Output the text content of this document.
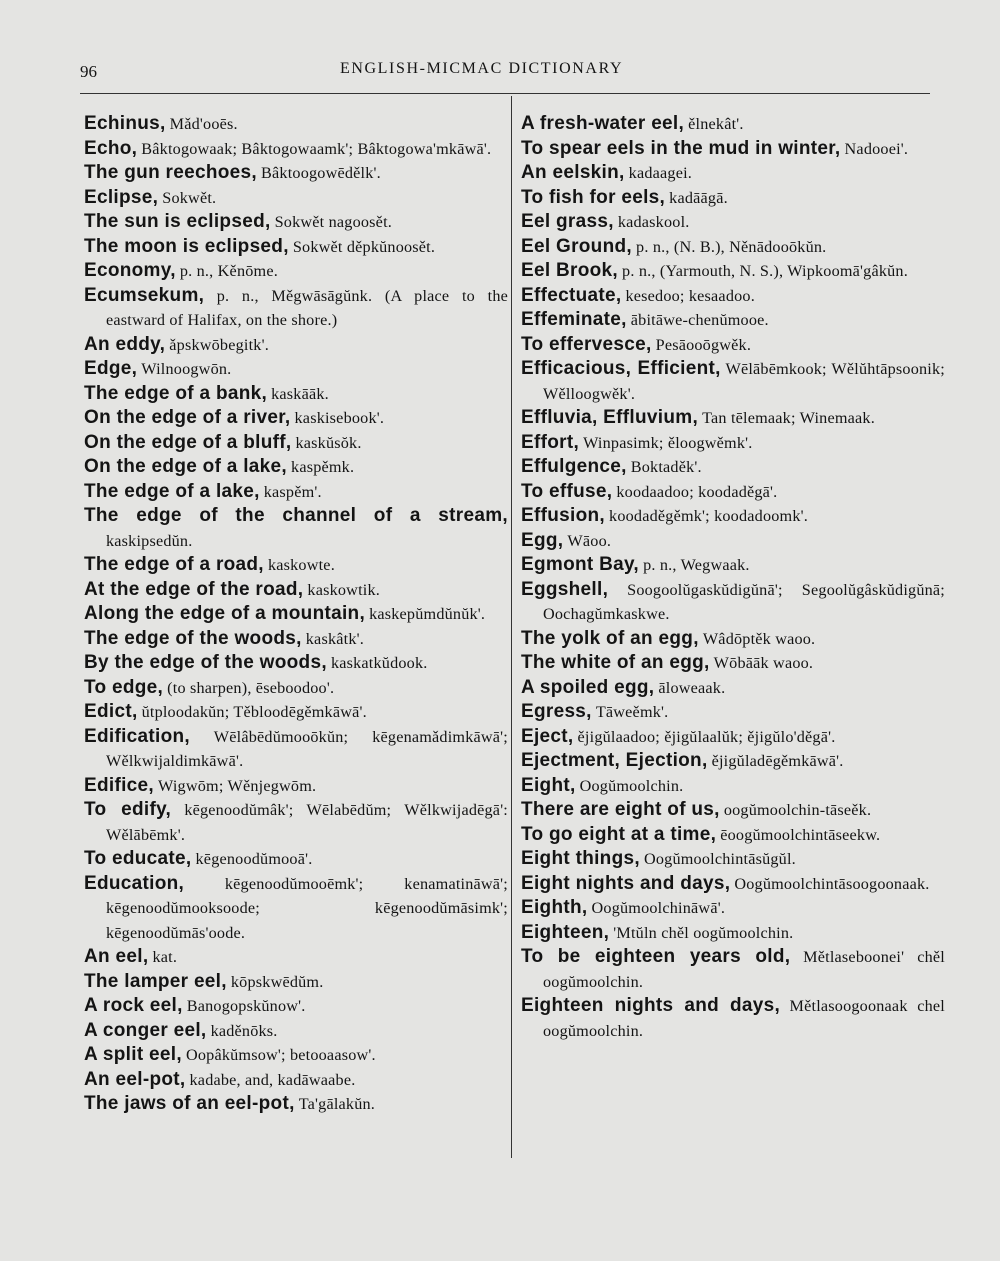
96	ENGLISH-MICMAC DICTIONARY
Echinus, Mǎd'ooēs.
Echo, Bâktogowaak; Bâktogowaamk'; Bâktogowa'mkāwā'.
The gun reechoes, Bâktoogowēdělk'.
Eclipse, Sokwět.
The sun is eclipsed, Sokwět nagoosět.
The moon is eclipsed, Sokwět děpkŭnoosět.
Economy, p. n., Kěnōme.
Ecumsekum, p. n., Měgwāsāgŭnk. (A place to the eastward of Halifax, on the shore.)
An eddy, ǎpskwōbegitk'.
Edge, Wilnoogwōn.
The edge of a bank, kaskāāk.
On the edge of a river, kaskisebook'.
On the edge of a bluff, kaskŭsŏk.
On the edge of a lake, kaspěmk.
The edge of a lake, kaspěm'.
The edge of the channel of a stream, kaskipsedŭn.
The edge of a road, kaskowte.
At the edge of the road, kaskowtik.
Along the edge of a mountain, kaskepŭmdŭnŭk'.
The edge of the woods, kaskâtk'.
By the edge of the woods, kaskatkŭdook.
To edge, (to sharpen), ēseboodoo'.
Edict, ŭtploodakŭn; Těbloodēgěmkāwā'.
Edification, Wēlâbēdŭmooōkŭn; kēgenamǎdimkāwā'; Wělkwijaldimkāwā'.
Edifice, Wigwōm; Wěnjegwōm.
To edify, kēgenoodŭmâk'; Wēlabēdŭm; Wělkwijadēgā': Wělābēmk'.
To educate, kēgenoodŭmooā'.
Education,	kēgenoodŭmooēmk'; kenamatināwā'; kēgenoodŭmooksoode; kēgenoodŭmāsimk'; kēgenoodŭmās'oode.
An eel, kat.
The lamper eel, kōpskwēdŭm.
A rock eel, Banogopskŭnow'.
A conger eel, kaděnōks.
A split eel, Oopâkŭmsow'; betooaasow'.
An eel-pot, kadabe, and, kadāwaabe.
The jaws of an eel-pot, Ta'gālakŭn.
A fresh-water eel, ělnekât'.
To spear eels in the mud in winter, Nadooei'.
An eelskin, kadaagei.
To fish for eels, kadāāgā.
Eel grass, kadaskool.
Eel Ground, p. n., (N. B.), Něnādooōkŭn.
Eel Brook, p. n., (Yarmouth, N. S.), Wipkoomā'gâkŭn.
Effectuate, kesedoo; kesaadoo.
Effeminate, ābitāwe-chenŭmooe.
To effervesce, Pesāooōgwěk.
Efficacious, Efficient, Wēlābēmkook; Wělŭhtāpsoonik; Wělloogwěk'.
Effluvia, Effluvium, Tan tēlemaak; Winemaak.
Effort, Winpasimk; ěloogwěmk'.
Effulgence, Boktaděk'.
To effuse, koodaadoo; koodaděgā'.
Effusion, koodaděgěmk'; koodadoomk'.
Egg, Wāoo.
Egmont Bay, p. n., Wegwaak.
Eggshell, Soogoolŭgaskŭdigŭnā'; Segoolŭgâskŭdigŭnā; Oochagŭmkaskwe.
The yolk of an egg, Wâdōptěk waoo.
The white of an egg, Wōbāāk waoo.
A spoiled egg, āloweaak.
Egress, Tāweěmk'.
Eject, ějigŭlaadoo; ějigŭlaalŭk; ějigŭlo'děgā'.
Ejectment, Ejection, ějigŭladēgěmkāwā'.
Eight, Oogŭmoolchin.
There are eight of us, oogŭmoolchin-tāseěk.
To go eight at a time, ēoogŭmoolchintāseekw.
Eight things, Oogŭmoolchintāsŭgŭl.
Eight nights and days, Oogŭmoolchintāsoogoonaak.
Eighth, Oogŭmoolchināwā'.
Eighteen, 'Mtŭln chěl oogŭmoolchin.
To be eighteen years old, Mětlaseboonei' chěl oogŭmoolchin.
Eighteen nights and days, Mětlasoogoonaak chel oogŭmoolchin.
